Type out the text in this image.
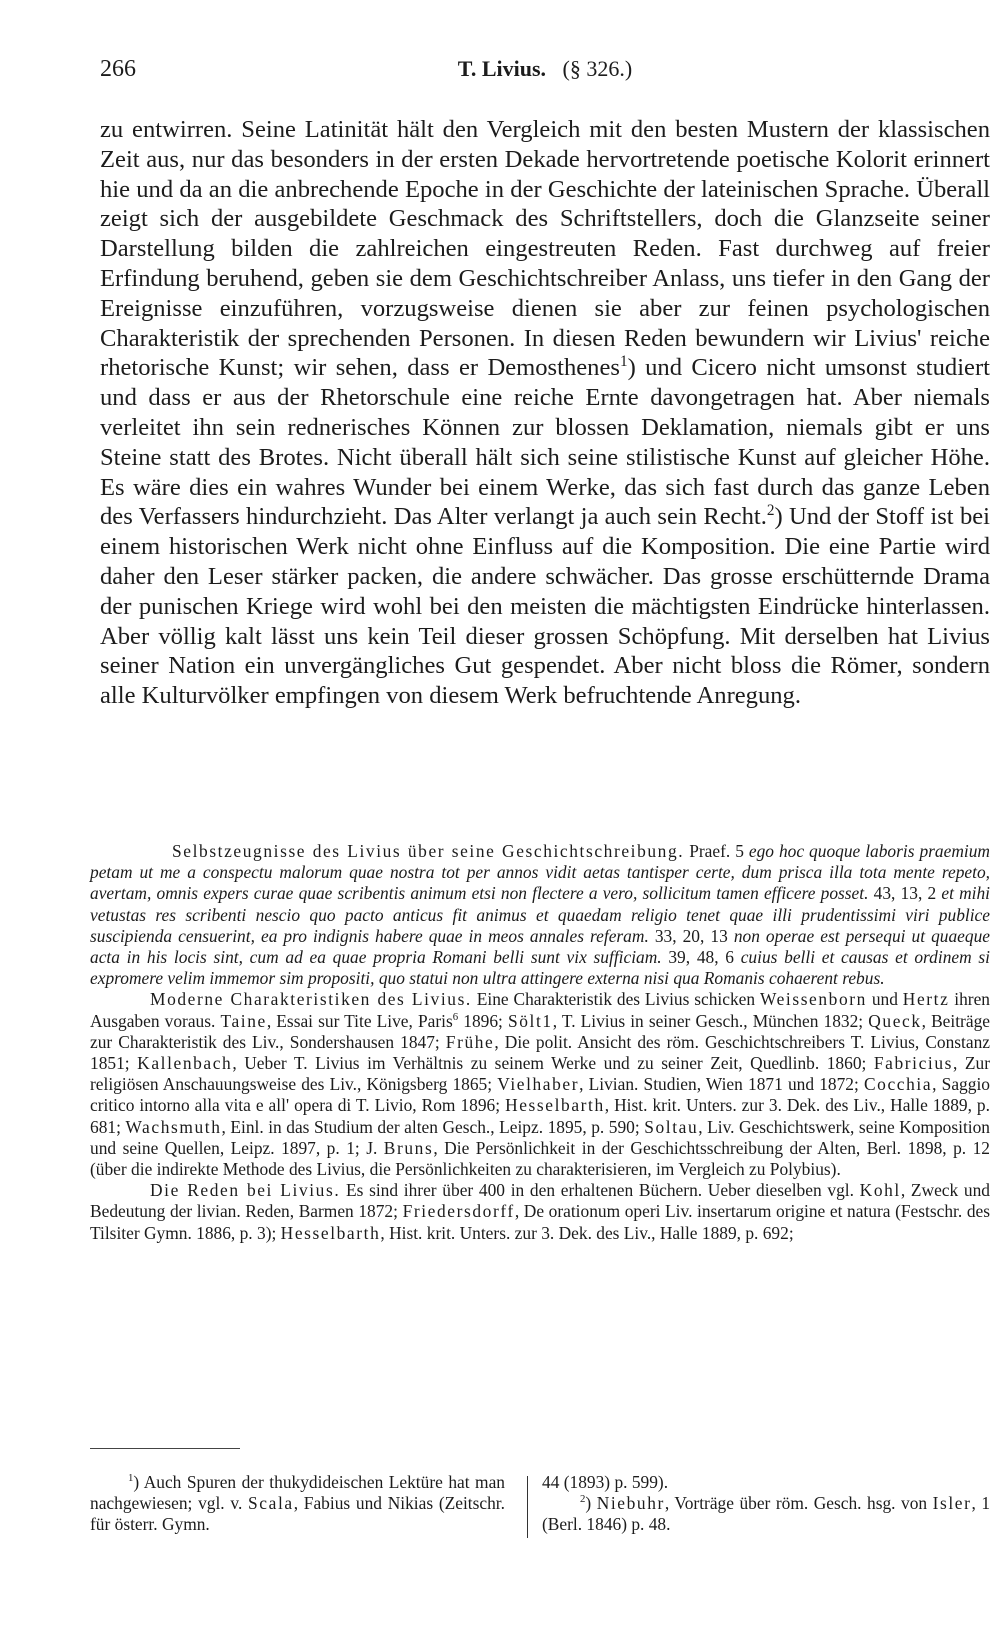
266	T. Livius. (§ 326.)

zu entwirren. Seine Latinität hält den Vergleich mit den besten Mustern der klassischen Zeit aus, nur das besonders in der ersten Dekade hervortretende poetische Kolorit erinnert hie und da an die anbrechende Epoche in der Geschichte der lateinischen Sprache. Überall zeigt sich der ausgebildete Geschmack des Schriftstellers, doch die Glanzseite seiner Darstellung bilden die zahlreichen eingestreuten Reden. Fast durchweg auf freier Erfindung beruhend, geben sie dem Geschichtschreiber Anlass, uns tiefer in den Gang der Ereignisse einzuführen, vorzugsweise dienen sie aber zur feinen psychologischen Charakteristik der sprechenden Personen. In diesen Reden bewundern wir Livius' reiche rhetorische Kunst; wir sehen, dass er Demosthenes$^1$) und Cicero nicht umsonst studiert und dass er aus der Rhetorschule eine reiche Ernte davongetragen hat. Aber niemals verleitet ihn sein rednerisches Können zur blossen Deklamation, niemals gibt er uns Steine statt des Brotes. Nicht überall hält sich seine stilistische Kunst auf gleicher Höhe. Es wäre dies ein wahres Wunder bei einem Werke, das sich fast durch das ganze Leben des Verfassers hindurchzieht. Das Alter verlangt ja auch sein Recht.$^2$) Und der Stoff ist bei einem historischen Werk nicht ohne Einfluss auf die Komposition. Die eine Partie wird daher den Leser stärker packen, die andere schwächer. Das grosse erschütternde Drama der punischen Kriege wird wohl bei den meisten die mächtigsten Eindrücke hinterlassen. Aber völlig kalt lässt uns kein Teil dieser grossen Schöpfung. Mit derselben hat Livius seiner Nation ein unvergängliches Gut gespendet. Aber nicht bloss die Römer, sondern alle Kulturvölker empfingen von diesem Werk befruchtende Anregung.

Selbstzeugnisse des Livius über seine Geschichtschreibung. Praef. 5 ego hoc quoque laboris praemium petam ut me a conspectu malorum quae nostra tot per annos vidit aetas tantisper certe, dum prisca illa tota mente repeto, avertam, omnis expers curae quae scribentis animum etsi non flectere a vero, sollicitum tamen efficere posset. 43, 13, 2 et mihi vetustas res scribenti nescio quo pacto anticus fit animus et quaedam religio tenet quae illi prudentissimi viri publice suscipienda censuerint, ea pro indignis habere quae in meos annales referam. 33, 20, 13 non operae est persequi ut quaeque acta in his locis sint, cum ad ea quae propria Romani belli sunt vix sufficiam. 39, 48, 6 cuius belli et causas et ordinem si expromere velim immemor sim propositi, quo statui non ultra attingere externa nisi qua Romanis cohaerent rebus.

Moderne Charakteristiken des Livius. Eine Charakteristik des Livius schicken Weissenborn und Hertz ihren Ausgaben voraus. Taine, Essai sur Tite Live, Paris$^6$ 1896; Sölt1, T. Livius in seiner Gesch., München 1832; Queck, Beiträge zur Charakteristik des Liv., Sondershausen 1847; Frühe, Die polit. Ansicht des röm. Geschichtschreibers T. Livius, Constanz 1851; Kallenbach, Ueber T. Livius im Verhältnis zu seinem Werke und zu seiner Zeit, Quedlinb. 1860; Fabricius, Zur religiösen Anschauungsweise des Liv., Königsberg 1865; Vielhaber, Livian. Studien, Wien 1871 und 1872; Cocchia, Saggio critico intorno alla vita e all' opera di T. Livio, Rom 1896; Hesselbarth, Hist. krit. Unters. zur 3. Dek. des Liv., Halle 1889, p. 681; Wachsmuth, Einl. in das Studium der alten Gesch., Leipz. 1895, p. 590; Soltau, Liv. Geschichtswerk, seine Komposition und seine Quellen, Leipz. 1897, p. 1; J. Bruns, Die Persönlichkeit in der Geschichtsschreibung der Alten, Berl. 1898, p. 12 (über die indirekte Methode des Livius, die Persönlichkeiten zu charakterisieren, im Vergleich zu Polybius).

Die Reden bei Livius. Es sind ihrer über 400 in den erhaltenen Büchern. Ueber dieselben vgl. Kohl, Zweck und Bedeutung der livian. Reden, Barmen 1872; Friedersdorff, De orationum operi Liv. insertarum origine et natura (Festschr. des Tilsiter Gymn. 1886, p. 3); Hesselbarth, Hist. krit. Unters. zur 3. Dek. des Liv., Halle 1889, p. 692;

$^1$) Auch Spuren der thukydideischen Lektüre hat man nachgewiesen; vgl. v. Scala, Fabius und Nikias (Zeitschr. für österr. Gymn.

44 (1893) p. 599).

$^2$) Niebuhr, Vorträge über röm. Gesch. hsg. von Isler, 1 (Berl. 1846) p. 48.
